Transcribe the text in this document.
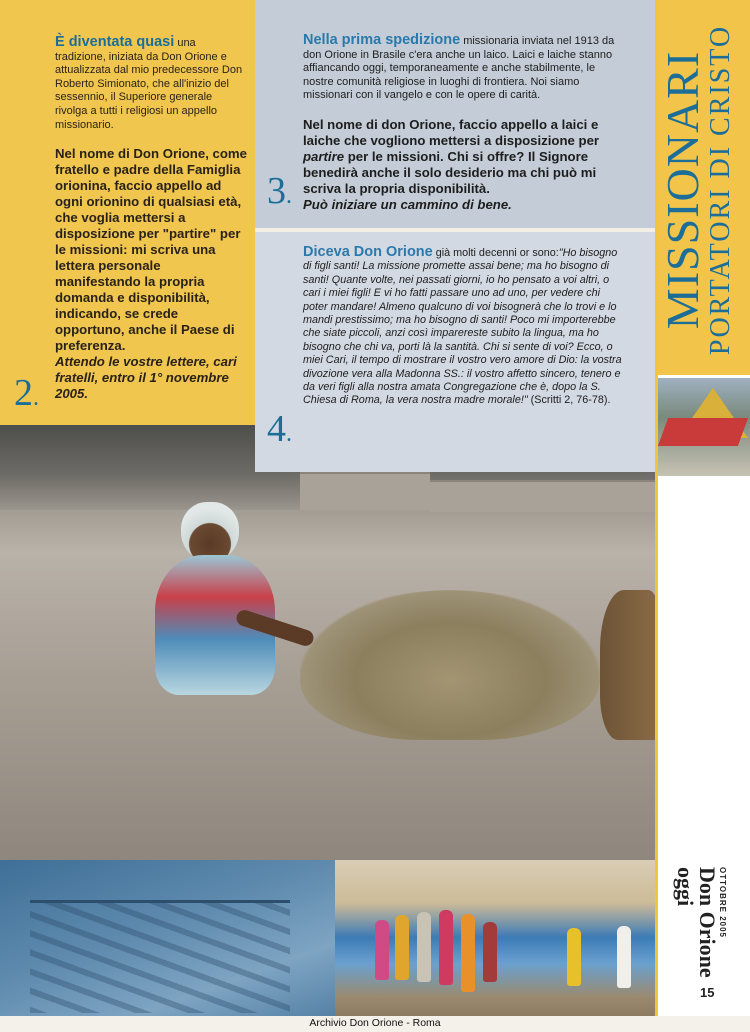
È diventata quasi una tradizione, iniziata da Don Orione e attualizzata dal mio predecessore Don Roberto Simionato, che all'inizio del sessennio, il Superiore generale rivolga a tutti i religiosi un appello missionario.

Nel nome di Don Orione, come fratello e padre della Famiglia orionina, faccio appello ad ogni orionino di qualsiasi età, che voglia mettersi a disposizione per "partire" per le missioni: mi scriva una lettera personale manifestando la propria domanda e disponibilità, indicando, se crede opportuno, anche il Paese di preferenza.

Attendo le vostre lettere, cari fratelli, entro il 1° novembre 2005.

2.

Nella prima spedizione missionaria inviata nel 1913 da don Orione in Brasile c'era anche un laico. Laici e laiche stanno affiancando oggi, temporaneamente e anche stabilmente, le nostre comunità religiose in luoghi di frontiera. Noi siamo missionari con il vangelo e con le opere di carità.

Nel nome di don Orione, faccio appello a laici e laiche che vogliono mettersi a disposizione per partire per le missioni. Chi si offre? Il Signore benedirà anche il solo desiderio ma chi può mi scriva la propria disponibilità.

Può iniziare un cammino di bene.

3.

Diceva Don Orione già molti decenni or sono:"Ho bisogno di figli santi! La missione promette assai bene; ma ho bisogno di santi! Quante volte, nei passati giorni, io ho pensato a voi altri, o cari i miei figli! E vi ho fatti passare uno ad uno, per vedere chi poter mandare! Almeno qualcuno di voi bisognerà che lo trovi e lo mandi prestissimo; ma ho bisogno di santi! Poco mi importerebbe che siate piccoli, anzi così imparereste subito la lingua, ma ho bisogno che chi va, porti là la santità. Chi si sente di voi? Ecco, o miei Cari, il tempo di mostrare il vostro vero amore di Dio: la vostra divozione vera alla Madonna SS.: il vostro affetto sincero, tenero e da veri figli alla nostra amata Congregazione che è, dopo la S. Chiesa di Roma, la vera nostra madre morale!" (Scritti 2, 76-78).

4.
MISSIONARI
PORTATORI DI CRISTO
OTTOBRE 2005
Don Orione oggi
15
Archivio Don Orione - Roma
